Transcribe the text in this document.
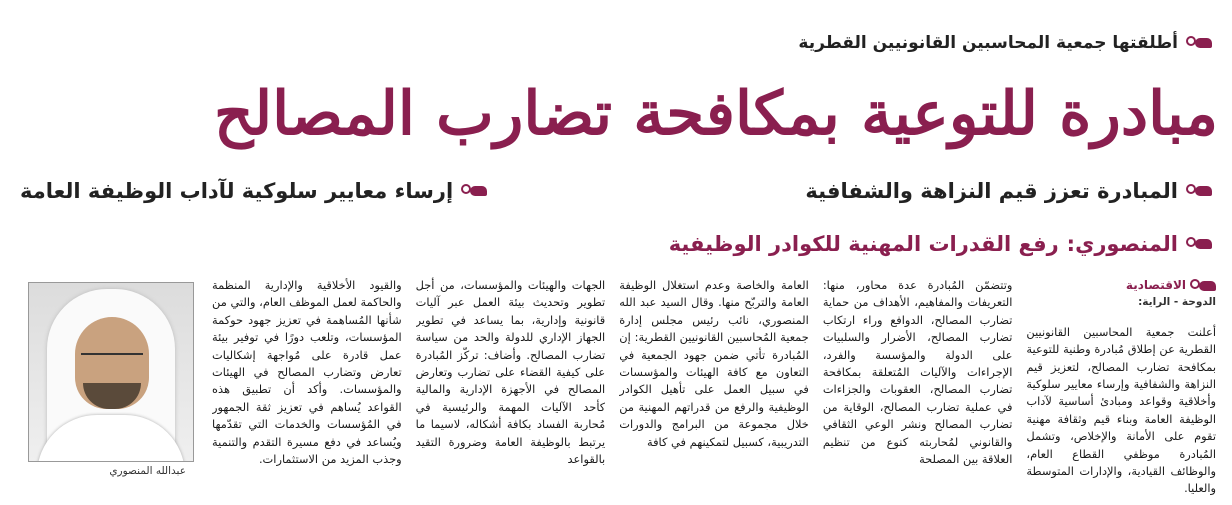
أطلقتها جمعية المحاسبين القانونيين القطرية
مبادرة للتوعية بمكافحة تضارب المصالح
المبادرة تعزز قيم النزاهة والشفافية
إرساء معايير سلوكية لآداب الوظيفة العامة
المنصوري:
رفع القدرات المهنية للكوادر الوظيفية
الاقتصادية
الدوحة - الراية:
أعلنت جمعية المحاسبين القانونيين القطرية عن إطلاق مُبادرة وطنية للتوعية بمكافحة تضارب المصالح، لتعزيز قيم النزاهة والشفافية وإرساء معايير سلوكية وأخلاقية وقواعد ومبادئ أساسية لآداب الوظيفة العامة وبناء قيم وثقافة مهنية تقوم على الأمانة والإخلاص، وتشمل المُبادرة موظفي القطاع العام، والوظائف القيادية، والإدارات المتوسطة والعليا.
وتتضمّن المُبادرة عدة محاور، منها: التعريفات والمفاهيم، الأهداف من حماية تضارب المصالح، الدوافع وراء ارتكاب تضارب المصالح، الأضرار والسلبيات على الدولة والمؤسسة والفرد، الإجراءات والآليات المُتعلقة بمكافحة تضارب المصالح، العقوبات والجزاءات في عملية تضارب المصالح، الوقاية من تضارب المصالح ونشر الوعي الثقافي والقانوني لمُحاربته كنوع من تنظيم العلاقة بين المصلحة
العامة والخاصة وعدم استغلال الوظيفة العامة والتربّح منها. وقال السيد عبد الله المنصوري، نائب رئيس مجلس إدارة جمعية المُحاسبين القانونيين القطرية: إن المُبادرة تأتي ضمن جهود الجمعية في التعاون مع كافة الهيئات والمؤسسات في سبيل العمل على تأهيل الكوادر الوظيفية والرفع من قدراتهم المهنية من خلال مجموعة من البرامج والدورات التدريبية، كسبيل لتمكينهم في كافة
الجهات والهيئات والمؤسسات، من أجل تطوير وتحديث بيئة العمل عبر آليات قانونية وإدارية، بما يساعد في تطوير الجهاز الإداري للدولة والحد من سياسة تضارب المصالح. وأضاف: تركّز المُبادرة على كيفية القضاء على تضارب وتعارض المصالح في الأجهزة الإدارية والمالية كأحد الآليات المهمة والرئيسية في مُحاربة الفساد بكافة أشكاله، لاسيما ما يرتبط بالوظيفة العامة وضرورة التقيد بالقواعد
والقيود الأخلاقية والإدارية المنظمة والحاكمة لعمل الموظف العام، والتي من شأنها المُساهمة في تعزيز جهود حوكمة المؤسسات، وتلعب دورًا في توفير بيئة عمل قادرة على مُواجهة إشكاليات تعارض وتضارب المصالح في الهيئات والمؤسسات. وأكد أن تطبيق هذه القواعد يُساهم في تعزيز ثقة الجمهور في المُؤسسات والخدمات التي تقدّمها ويُساعد في دفع مسيرة التقدم والتنمية وجذب المزيد من الاستثمارات.
عبدالله المنصوري
